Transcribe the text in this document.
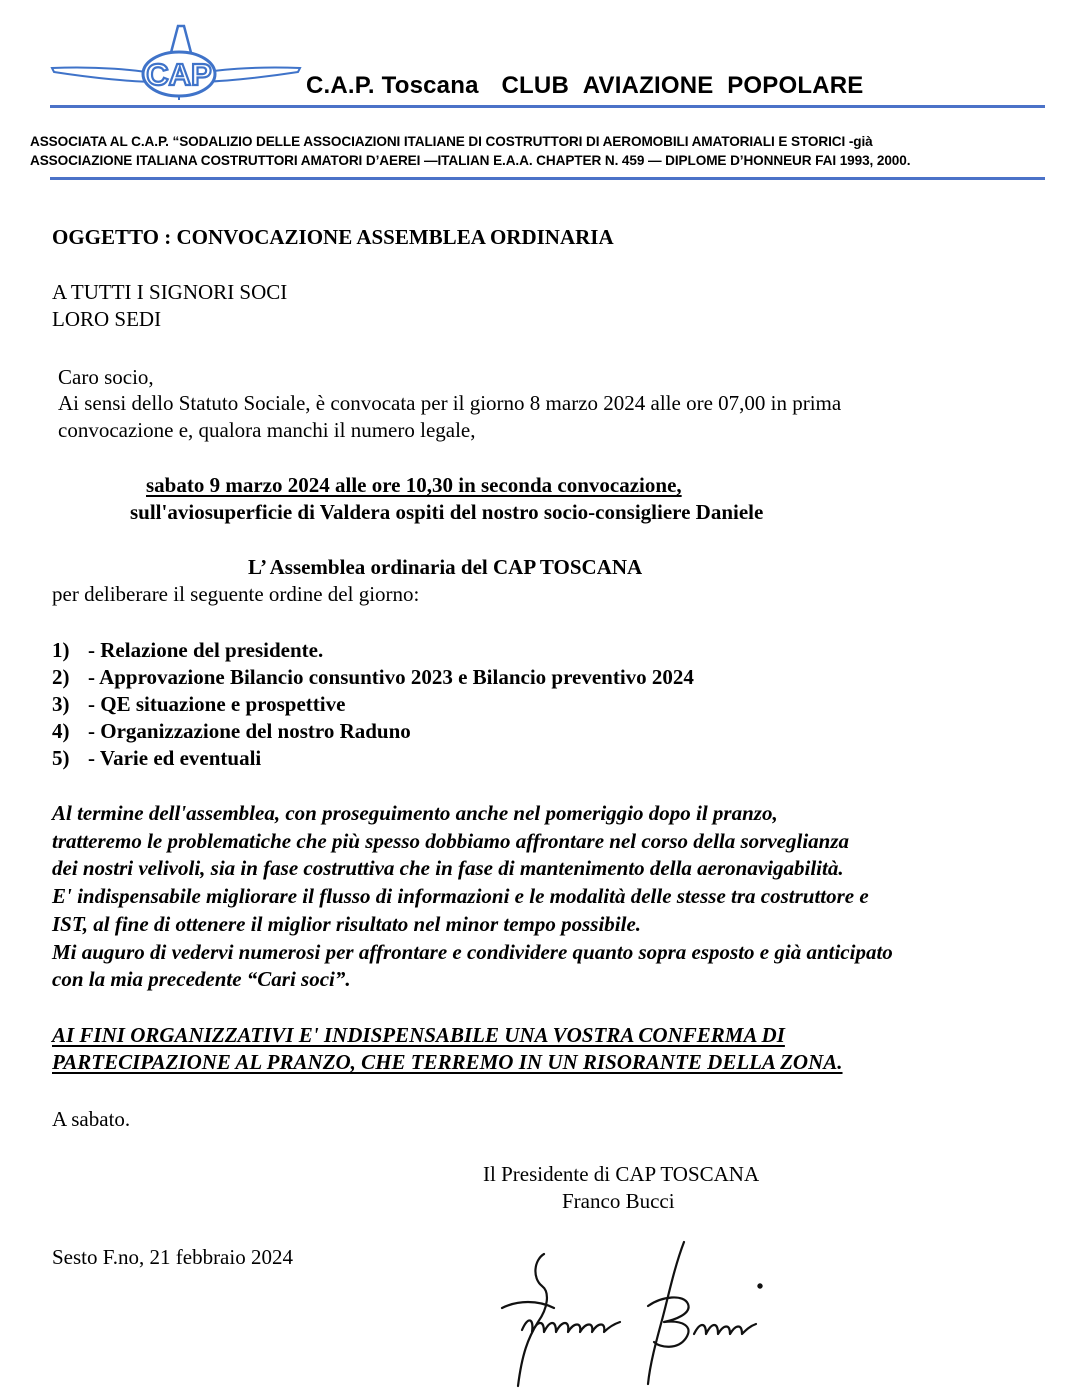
CAP	C.A.P. Toscana CLUB AVIAZIONE POPOLARE
ASSOCIATA AL C.A.P. “SODALIZIO DELLE ASSOCIAZIONI ITALIANE DI COSTRUTTORI DI AEROMOBILI AMATORIALI E STORICI -già
ASSOCIAZIONE ITALIANA COSTRUTTORI AMATORI D’AEREI —ITALIAN E.A.A. CHAPTER N. 459 — DIPLOME D’HONNEUR FAI 1993, 2000.
OGGETTO : CONVOCAZIONE ASSEMBLEA ORDINARIA
A TUTTI I SIGNORI SOCI
LORO SEDI
Caro socio,
Ai sensi dello Statuto Sociale, è convocata per il giorno 8 marzo 2024 alle ore 07,00 in prima
convocazione e, qualora manchi il numero legale,
sabato 9 marzo 2024 alle ore 10,30 in seconda convocazione,
sull'aviosuperficie di Valdera ospiti del nostro socio-consigliere Daniele
L’ Assemblea ordinaria del CAP TOSCANA
per deliberare il seguente ordine del giorno:
1) - Relazione del presidente.
2) - Approvazione Bilancio consuntivo 2023 e Bilancio preventivo 2024
3) - QE situazione e prospettive
4) - Organizzazione del nostro Raduno
5) - Varie ed eventuali
Al termine dell'assemblea, con proseguimento anche nel pomeriggio dopo il pranzo,
tratteremo le problematiche che più spesso dobbiamo affrontare nel corso della sorveglianza
dei nostri velivoli, sia in fase costruttiva che in fase di mantenimento della aeronavigabilità.
E' indispensabile migliorare il flusso di informazioni e le modalità delle stesse tra costruttore e
IST, al fine di ottenere il miglior risultato nel minor tempo possibile.
Mi auguro di vedervi numerosi per affrontare e condividere quanto sopra esposto e già anticipato
con la mia precedente “Cari soci”.
AI FINI ORGANIZZATIVI E' INDISPENSABILE UNA VOSTRA CONFERMA DI
PARTECIPAZIONE AL PRANZO, CHE TERREMO IN UN RISORANTE DELLA ZONA.
A sabato.
Il Presidente di CAP TOSCANA
Franco Bucci
Sesto F.no, 21 febbraio 2024
